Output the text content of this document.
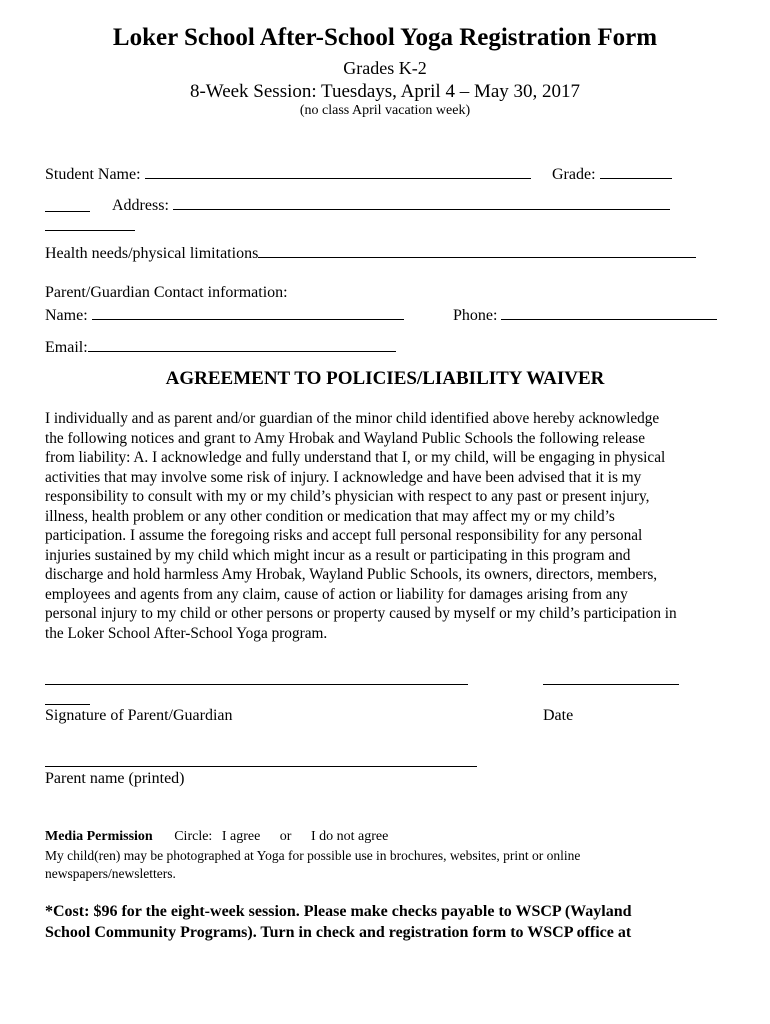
Loker School After-School Yoga Registration Form
Grades K-2
8-Week Session: Tuesdays, April 4 – May 30, 2017
(no class April vacation week)
Student Name:	Grade:
Address:
Health needs/physical limitations
Parent/Guardian Contact information:
Name:	Phone:
Email:
AGREEMENT TO POLICIES/LIABILITY WAIVER
I individually and as parent and/or guardian of the minor child identified above hereby acknowledge
the following notices and grant to Amy Hrobak and Wayland Public Schools the following release
from liability: A. I acknowledge and fully understand that I, or my child, will be engaging in physical
activities that may involve some risk of injury. I acknowledge and have been advised that it is my
responsibility to consult with my or my child’s physician with respect to any past or present injury,
illness, health problem or any other condition or medication that may affect my or my child’s
participation. I assume the foregoing risks and accept full personal responsibility for any personal
injuries sustained by my child which might incur as a result or participating in this program and
discharge and hold harmless Amy Hrobak, Wayland Public Schools, its owners, directors, members,
employees and agents from any claim, cause of action or liability for damages arising from any
personal injury to my child or other persons or property caused by myself or my child’s participation in
the Loker School After-School Yoga program.
Signature of Parent/Guardian	Date
Parent name (printed)
Media Permission Circle: I agree or I do not agree
My child(ren) may be photographed at Yoga for possible use in brochures, websites, print or online
newspapers/newsletters.
*Cost: $96 for the eight-week session. Please make checks payable to WSCP (Wayland
School Community Programs). Turn in check and registration form to WSCP office at
